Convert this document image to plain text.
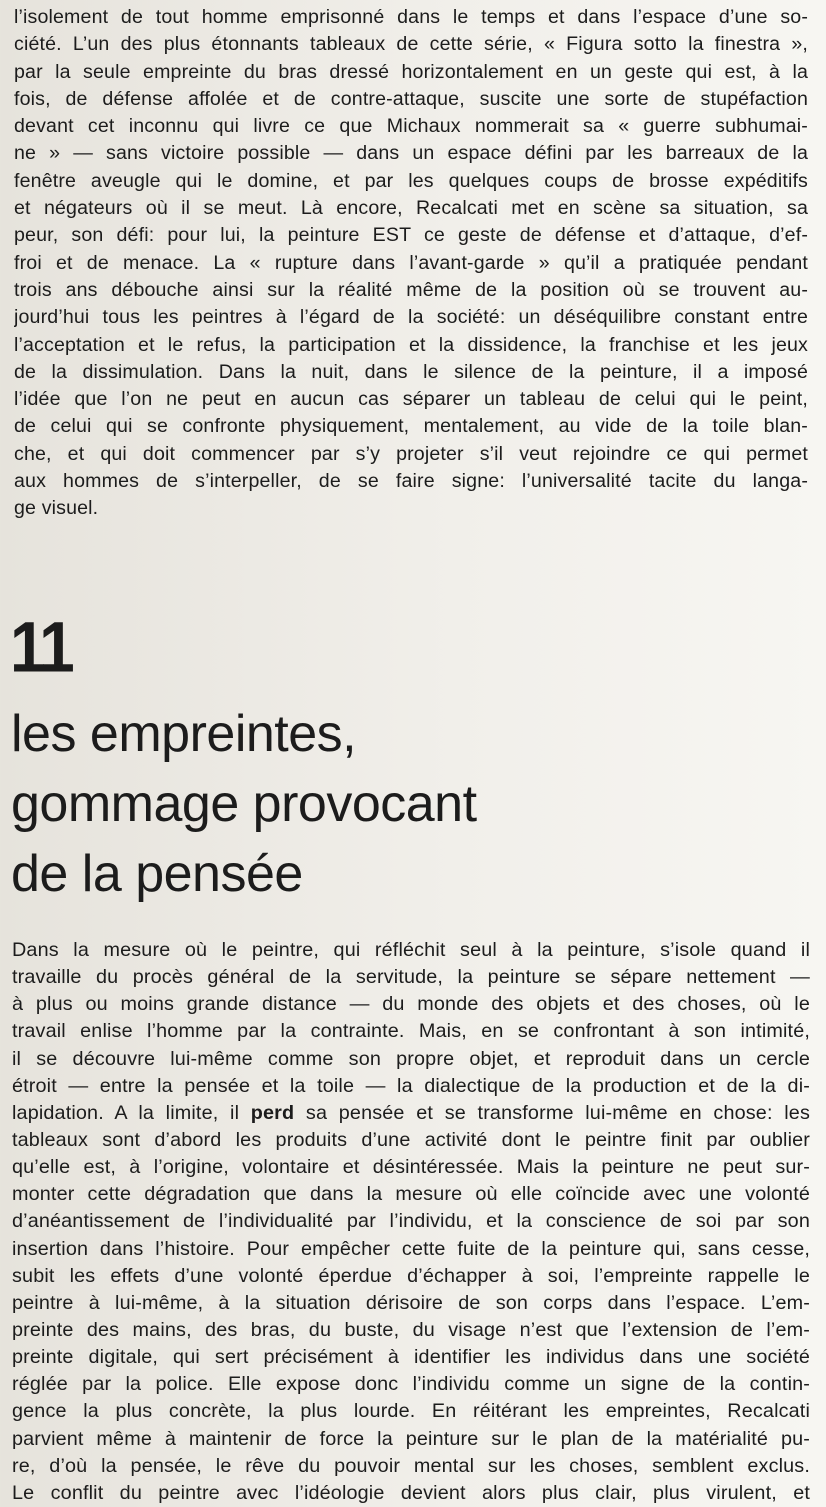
l’isolement de tout homme emprisonné dans le temps et dans l’espace d’une so-
ciété. L’un des plus étonnants tableaux de cette série, « Figura sotto la finestra »,
par la seule empreinte du bras dressé horizontalement en un geste qui est, à la
fois, de défense affolée et de contre-attaque, suscite une sorte de stupéfaction
devant cet inconnu qui livre ce que Michaux nommerait sa « guerre subhumai-
ne » — sans victoire possible — dans un espace défini par les barreaux de la
fenêtre aveugle qui le domine, et par les quelques coups de brosse expéditifs
et négateurs où il se meut. Là encore, Recalcati met en scène sa situation, sa
peur, son défi: pour lui, la peinture EST ce geste de défense et d’attaque, d’ef-
froi et de menace. La « rupture dans l’avant-garde » qu’il a pratiquée pendant
trois ans débouche ainsi sur la réalité même de la position où se trouvent au-
jourd’hui tous les peintres à l’égard de la société: un déséquilibre constant entre
l’acceptation et le refus, la participation et la dissidence, la franchise et les jeux
de la dissimulation. Dans la nuit, dans le silence de la peinture, il a imposé
l’idée que l’on ne peut en aucun cas séparer un tableau de celui qui le peint,
de celui qui se confronte physiquement, mentalement, au vide de la toile blan-
che, et qui doit commencer par s’y projeter s’il veut rejoindre ce qui permet
aux hommes de s’interpeller, de se faire signe: l’universalité tacite du langa-
ge visuel.
11
les empreintes,
gommage provocant
de la pensée
Dans la mesure où le peintre, qui réfléchit seul à la peinture, s’isole quand il
travaille du procès général de la servitude, la peinture se sépare nettement —
à plus ou moins grande distance — du monde des objets et des choses, où le
travail enlise l’homme par la contrainte. Mais, en se confrontant à son intimité,
il se découvre lui-même comme son propre objet, et reproduit dans un cercle
étroit — entre la pensée et la toile — la dialectique de la production et de la di-
lapidation. A la limite, il perd sa pensée et se transforme lui-même en chose: les
tableaux sont d’abord les produits d’une activité dont le peintre finit par oublier
qu’elle est, à l’origine, volontaire et désintéressée. Mais la peinture ne peut sur-
monter cette dégradation que dans la mesure où elle coïncide avec une volonté
d’anéantissement de l’individualité par l’individu, et la conscience de soi par son
insertion dans l’histoire. Pour empêcher cette fuite de la peinture qui, sans cesse,
subit les effets d’une volonté éperdue d’échapper à soi, l’empreinte rappelle le
peintre à lui-même, à la situation dérisoire de son corps dans l’espace. L’em-
preinte des mains, des bras, du buste, du visage n’est que l’extension de l’em-
preinte digitale, qui sert précisément à identifier les individus dans une société
réglée par la police. Elle expose donc l’individu comme un signe de la contin-
gence la plus concrète, la plus lourde. En réitérant les empreintes, Recalcati
parvient même à maintenir de force la peinture sur le plan de la matérialité pu-
re, d’où la pensée, le rêve du pouvoir mental sur les choses, semblent exclus.
Le conflit du peintre avec l’idéologie devient alors plus clair, plus virulent, et
